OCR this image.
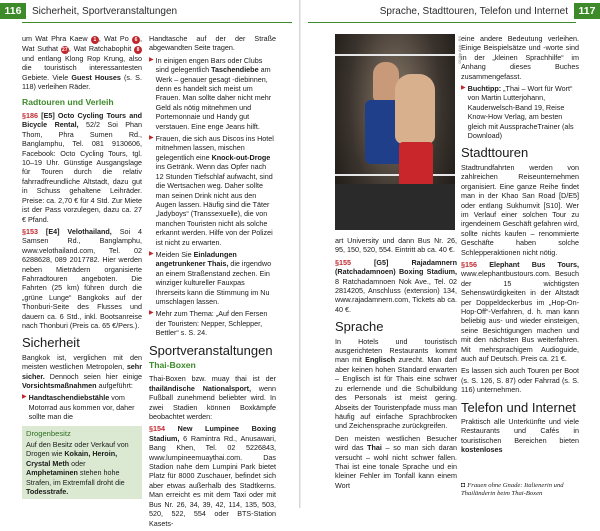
116	Sicherheit, Sportveranstaltungen

um Wat Phra Kaew 1 , Wat Po 6 , Wat Suthat 27, Wat Ratchabophit 8 und entlang Klong Rop Krung, also die touristisch interessantesten Gebiete. Viele Guest Houses (s. S. 118) verleihen Räder.

Radtouren und Verleih

§186 [E5] Octo Cycling Tours and Bicycle Rental, 52/2 Soi Phan Thom, Phra Sumen Rd., Banglamphu, Tel. 081 9130606, Facebook: Octo Cycling Tours, tgl. 10–19 Uhr. Günstige Ausgangslage für Touren durch die relativ fahrradfreundliche Altstadt, dazu gut in Schuss gehaltene Leihräder. Preise: ca. 2,70 € für 4 Std. Zur Miete ist der Pass vorzulegen, dazu ca. 27 € Pfand.

§153 [E4] Velothailand, Soi 4 Samsen Rd., Banglamphu, www.velothailand.com, Tel. 02 6288628, 089 2017782. Hier werden neben Mieträdern organisierte Fahrradtouren angeboten. Die Fahrten (25 km) führen durch die „grüne Lunge“ Bangkoks auf der Thonburi-Seite des Flusses und dauern ca. 6 Std., inkl. Bootsanreise nach Thonburi (Preis ca. 65 €/Pers.).

Sicherheit

Bangkok ist, verglichen mit den meisten westlichen Metropolen, sehr sicher. Dennoch seien hier einige Vorsichtsmaßnahmen aufgeführt:

▶ Handtaschendiebstähle vom Motorrad aus kommen vor, daher sollte man die
Drogenbesitz
Auf den Besitz oder Verkauf von Drogen wie Kokain, Heroin, Crystal Meth oder Amphetaminen stehen hohe Strafen, im Extremfall droht die Todesstrafe.

Handtasche auf der der Straße abgewandten Seite tragen.

▶ In einigen engen Bars oder Clubs sind gelegentlich Taschendiebe am Werk – genauer gesagt -diebinnen, denn es handelt sich meist um Frauen. Man sollte daher nicht mehr Geld als nötig mitnehmen und Portemonnaie und Handy gut verstauen. Eine enge Jeans hilft.
▶ Frauen, die sich aus Discos ins Hotel mitnehmen lassen, mischen gelegentlich eine Knock-out-Droge ins Getränk. Wenn das Opfer nach 12 Stunden Tiefschlaf aufwacht, sind die Wertsachen weg. Daher sollte man seinen Drink nicht aus den Augen lassen. Häufig sind die Täter „ladyboys“ (Transsexuelle), die von manchen Touristen nicht als solche erkannt werden. Hilfe von der Polizei ist nicht zu erwarten.
▶ Meiden Sie Einladungen angetrunkener Thais, die irgendwo an einem Straßenstand zechen. Ein winziger kultureller Fauxpas Ihrerseits kann die Stimmung im Nu umschlagen lassen.
▶ Mehr zum Thema: „Auf den Fersen der Touristen: Nepper, Schlepper, Bettler“ s. S. 24.
Sportveranstaltungen
Thai-Boxen

Thai-Boxen bzw. muay thai ist der thailändische Nationalsport, wenn Fußball zunehmend beliebter wird. In zwei Stadien können Boxkämpfe beobachtet werden:

§154 New Lumpinee Boxing Stadium, 6 Ramintra Rd., Anusawari, Bang Khen, Tel. 02 5226843, www.lumpineemuaythai.com. Das Stadion nahe dem Lumpini Park bietet Platz für 8000 Zuschauer, befindet sich aber etwas außerhalb des Stadtkerns. Man erreicht es mit dem Taxi oder mit Bus Nr. 26, 34, 39, 42, 114, 135, 503, 520, 522, 554 oder BTS-Station Kasets-

Sprache, Stadttouren, Telefon und Internet	117
034bk Abb.: RS

art University und dann Bus Nr. 26, 95, 150, 520, 554. Eintritt ab ca. 40 €.

§155 [G5] Rajadamnern (Ratchadamnoen) Boxing Stadium, 8 Ratchadamnoen Nok Ave., Tel. 02 2814205, Anschluss (extension) 134, www.rajadamnern.com, Tickets ab ca. 40 €.

Sprache

In Hotels und touristisch ausgerichteten Restaurants kommt man mit Englisch zurecht. Man darf aber keinen hohen Standard erwarten – Englisch ist für Thais eine schwer zu erlernende und die Schulbildung des Personals ist meist gering. Abseits der Touristenpfade muss man häufig auf einfache Sprachbrocken und Zeichensprache zurückgreifen.

Den meisten westlichen Besucher wird das Thai – so man sich daran versucht – wohl nicht schwer fallen. Thai ist eine tonale Sprache und ein kleiner Fehler im Tonfall kann einem Wort

eine andere Bedeutung verleihen. Einige Beispielsätze und -worte sind in der „kleinen Sprachhilfe“ im Anhang dieses Buches zusammengefasst.

▶ Buchtipp: „Thai – Wort für Wort“ von Martin Lutterjohann, Kauderwelsch-Band 19, Reise Know-How Verlag, am besten gleich mit AusspracheTrainer (als Download)
Stadttouren

Stadtrundfahrten werden von zahlreichen Reiseunternehmen organisiert. Eine ganze Reihe findet man in der Khao San Road [D/E5] oder entlang Sukhumvit [S10]. Wer im Verlauf einer solchen Tour zu irgendeinem Geschäft gefahren wird, sollte nichts kaufen – renommierte Geschäfte haben solche Schlepperaktionen nicht nötig.

§156 Elephant Bus Tours, www.elephantbustours.com. Besuch der 15 wichtigsten Sehenswürdigkeiten in der Altstadt per Doppeldeckerbus im „Hop-On-Hop-Off“-Verfahren, d. h. man kann beliebig aus- und wieder einsteigen, seine Besichtigungen machen und mit den nächsten Bus weiterfahren. Mit mehrsprachigem Audioguide, auch auf Deutsch. Preis ca. 21 €.

Es lassen sich auch Touren per Boot (s. S. 126, S. 87) oder Fahrrad (s. S. 116) unternehmen.

Telefon und Internet

Praktisch alle Unterkünfte und viele Restaurants und Cafés in touristischen Bereichen bieten kostenloses

◘ Frauen ohne Gnade: Italienerin und Thailänderin beim Thai-Boxen
